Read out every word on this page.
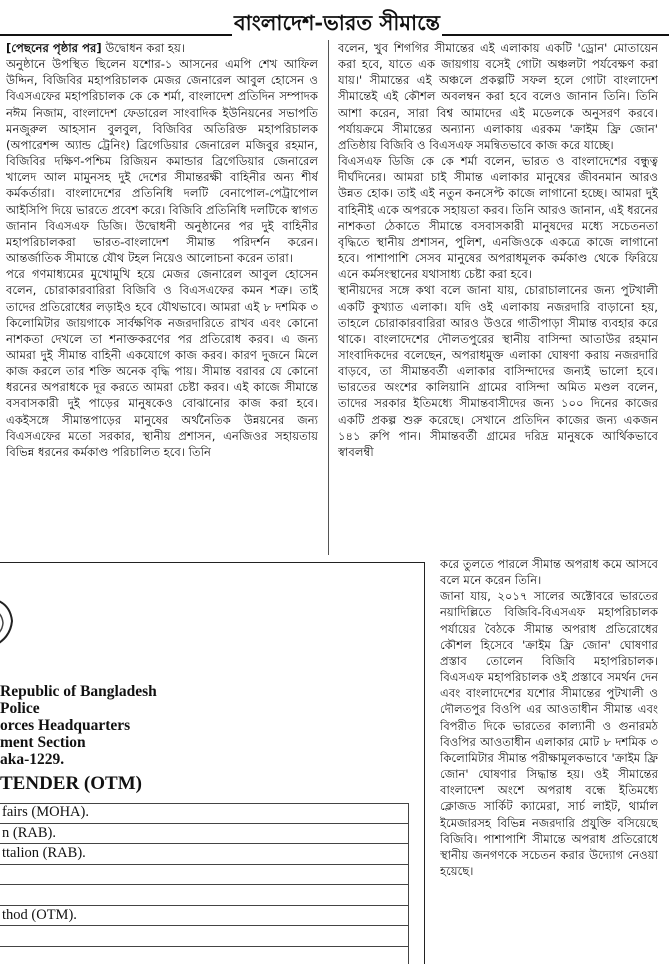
বাংলাদেশ-ভারত সীমান্তে

[পেছনের পৃষ্ঠার পর] উদ্বোধন করা হয়।

অনুষ্ঠানে উপস্থিত ছিলেন যশোর-১ আসনের এমপি শেখ আফিল উদ্দিন, বিজিবির মহাপরিচালক মেজর জেনারেল আবুল হোসেন ও বিএসএফের মহাপরিচালক কে কে শর্মা, বাংলাদেশ প্রতিদিন সম্পাদক নঈম নিজাম, বাংলাদেশ ফেডারেল সাংবাদিক ইউনিয়নের সভাপতি মনজুরুল আহসান বুলবুল, বিজিবির অতিরিক্ত মহাপরিচালক (অপারেশন্স অ্যান্ড ট্রেনিং) ব্রিগেডিয়ার জেনারেল মজিবুর রহমান, বিজিবির দক্ষিণ-পশ্চিম রিজিয়ন কমান্ডার ব্রিগেডিয়ার জেনারেল খালেদ আল মামুনসহ দুই দেশের সীমান্তরক্ষী বাহিনীর অন্য শীর্ষ কর্মকর্তারা। বাংলাদেশের প্রতিনিধি দলটি বেনাপোল-পেট্রাপোল আইসিপি দিয়ে ভারতে প্রবেশ করে। বিজিবি প্রতিনিধি দলটিকে স্বাগত জানান বিএসএফ ডিজি। উদ্বোধনী অনুষ্ঠানের পর দুই বাহিনীর মহাপরিচালকরা ভারত-বাংলাদেশ সীমান্ত পরিদর্শন করেন। আন্তর্জাতিক সীমান্তে যৌথ টহল নিয়েও আলোচনা করেন তারা।

পরে গণমাধ্যমের মুখোমুখি হয়ে মেজর জেনারেল আবুল হোসেন বলেন, চোরাকারবারিরা বিজিবি ও বিএসএফের কমন শত্রু। তাই তাদের প্রতিরোধের লড়াইও হবে যৌথভাবে। আমরা এই ৮ দশমিক ৩ কিলোমিটার জায়গাকে সার্বক্ষণিক নজরদারিতে রাখব এবং কোনো নাশকতা দেখলে তা শনাক্তকরণের পর প্রতিরোধ করব। এ জন্য আমরা দুই সীমান্ত বাহিনী একযোগে কাজ করব। কারণ দুজনে মিলে কাজ করলে তার শক্তি অনেক বৃদ্ধি পায়। সীমান্ত বরাবর যে কোনো ধরনের অপরাধকে দূর করতে আমরা চেষ্টা করব। এই কাজে সীমান্তে বসবাসকারী দুই পাড়ের মানুষকেও বোঝানোর কাজ করা হবে। একইসঙ্গে সীমান্তপাড়ের মানুষের অর্থনৈতিক উন্নয়নের জন্য বিএসএফের মতো সরকার, স্থানীয় প্রশাসন, এনজিওর সহায়তায় বিভিন্ন ধরনের কর্মকাণ্ড পরিচালিত হবে। তিনি

বলেন, খুব শিগগির সীমান্তের এই এলাকায় একটি 'ড্রোন' মোতায়েন করা হবে, যাতে এক জায়গায় বসেই গোটা অঞ্চলটা পর্যবেক্ষণ করা যায়।' সীমান্তের এই অঞ্চলে প্রকল্পটি সফল হলে গোটা বাংলাদেশ সীমান্তেই এই কৌশল অবলম্বন করা হবে বলেও জানান তিনি। তিনি আশা করেন, সারা বিশ্ব আমাদের এই মডেলকে অনুসরণ করবে। পর্যায়ক্রমে সীমান্তের অন্যান্য এলাকায় এরকম 'ক্রাইম ফ্রি জোন' প্রতিষ্ঠায় বিজিবি ও বিএসএফ সমন্বিতভাবে কাজ করে যাচ্ছে।

বিএসএফ ডিজি কে কে শর্মা বলেন, ভারত ও বাংলাদেশের বন্ধুত্ব দীর্ঘদিনের। আমরা চাই সীমান্ত এলাকার মানুষের জীবনমান আরও উন্নত হোক। তাই এই নতুন কনসেপ্ট কাজে লাগানো হচ্ছে। আমরা দুই বাহিনীই একে অপরকে সহায়তা করব। তিনি আরও জানান, এই ধরনের নাশকতা ঠেকাতে সীমান্তে বসবাসকারী মানুষদের মধ্যে সচেতনতা বৃদ্ধিতে স্থানীয় প্রশাসন, পুলিশ, এনজিওকে একত্রে কাজে লাগানো হবে। পাশাপাশি সেসব মানুষের অপরাধমূলক কর্মকাণ্ড থেকে ফিরিয়ে এনে কর্মসংস্থানের যথাসাধ্য চেষ্টা করা হবে।

স্থানীয়দের সঙ্গে কথা বলে জানা যায়, চোরাচালানের জন্য পুটখালী একটি কুখ্যাত এলাকা। যদি ওই এলাকায় নজরদারি বাড়ানো হয়, তাহলে চোরাকারবারিরা আরও উওরে গাতীপাড়া সীমান্ত ব্যবহার করে থাকে। বাংলাদেশের দৌলতপুরের স্থানীয় বাসিন্দা আতাউর রহমান সাংবাদিকদের বলেছেন, অপরাধমুক্ত এলাকা ঘোষণা করায় নজরদারি বাড়বে, তা সীমান্তবর্তী এলাকার বাসিন্দাদের জন্যই ভালো হবে। ভারতের অংশের কালিয়ানি গ্রামের বাসিন্দা অমিত মণ্ডল বলেন, তাদের সরকার ইতিমধ্যে সীমান্তবাসীদের জন্য ১০০ দিনের কাজের একটি প্রকল্প শুরু করেছে। সেখানে প্রতিদিন কাজের জন্য একজন ১৪১ রুপি পান। সীমান্তবর্তী গ্রামের দরিদ্র মানুষকে আর্থিকভাবে স্বাবলম্বী

করে তুলতে পারলে সীমান্ত অপরাধ কমে আসবে বলে মনে করেন তিনি।

জানা যায়, ২০১৭ সালের অক্টোবরে ভারতের নয়াদিল্লিতে বিজিবি-বিএসএফ মহাপরিচালক পর্যায়ের বৈঠকে সীমান্ত অপরাধ প্রতিরোধের কৌশল হিসেবে 'ক্রাইম ফ্রি জোন' ঘোষণার প্রস্তাব তোলেন বিজিবি মহাপরিচালক। বিএসএফ মহাপরিচালক ওই প্রস্তাবে সমর্থন দেন এবং বাংলাদেশের যশোর সীমান্তের পুটখালী ও দৌলতপুর বিওপি এর আওতাধীন সীমান্ত এবং বিপরীত দিকে ভারতের কাল্যানী ও গুনারমঠ বিওপির আওতাধীন এলাকার মোট ৮ দশমিক ৩ কিলোমিটার সীমান্ত পরীক্ষামূলকভাবে 'ক্রাইম ফ্রি জোন' ঘোষণার সিদ্ধান্ত হয়। ওই সীমান্তের বাংলাদেশ অংশে অপরাধ বন্ধে ইতিমধ্যে ক্লোজড সার্কিট ক্যামেরা, সার্চ লাইট, থার্মাল ইমেজারসহ বিভিন্ন নজরদারি প্রযুক্তি বসিয়েছে বিজিবি। পাশাপাশি সীমান্তে অপরাধ প্রতিরোধে স্থানীয় জনগণকে সচেতন করার উদ্যোগ নেওয়া হয়েছে।

Republic of Bangladesh
Police
orces Headquarters
ment Section
aka-1229.
TENDER (OTM)
fairs (MOHA).
n (RAB).
ttalion (RAB).
thod (OTM).
